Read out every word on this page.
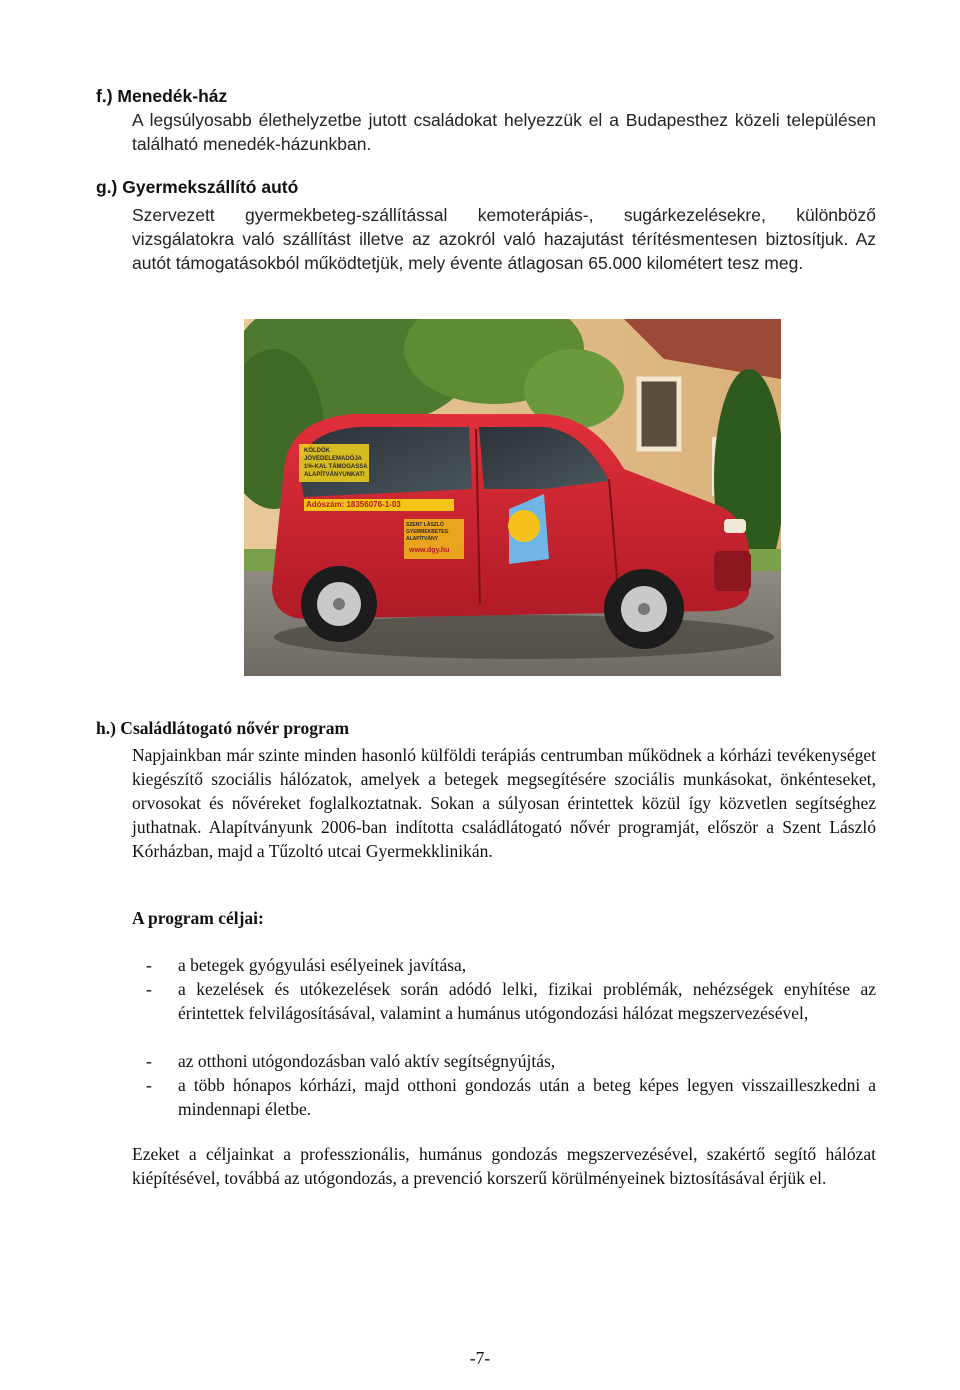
f.) Menedék-ház
A legsúlyosabb élethelyzetbe jutott családokat helyezzük el a Budapesthez közeli településen található menedék-házunkban.
g.) Gyermekszállító autó
Szervezett gyermekbeteg-szállítással kemoterápiás-, sugárkezelésekre, különböző vizsgálatokra való szállítást illetve az azokról való hazajutást térítésmentesen biztosítjuk. Az autót támogatásokból működtetjük, mely évente átlagosan 65.000 kilométert tesz meg.
KÖLDÖK JÖVEDELEMADÓJA 1%-KAL TÁMOGASSA ALAPÍTVÁNYUNKAT!
Adószám: 18356076-1-03
SZENT LÁSZLÓ GYERMEKBETEG ALAPÍTVÁNY
www.dgy.hu
h.) Családlátogató nővér program
Napjainkban már szinte minden hasonló külföldi terápiás centrumban működnek a kórházi tevékenységet kiegészítő szociális hálózatok, amelyek a betegek megsegítésére szociális munkásokat, önkénteseket, orvosokat és nővéreket foglalkoztatnak. Sokan a súlyosan érintettek közül így közvetlen segítséghez juthatnak. Alapítványunk 2006-ban indította családlátogató nővér programját, először a Szent László Kórházban, majd a Tűzoltó utcai Gyermekklinikán.
A program céljai:
-	a betegek gyógyulási esélyeinek javítása,
-	a kezelések és utókezelések során adódó lelki, fizikai problémák, nehézségek enyhítése az érintettek felvilágosításával, valamint a humánus utógondozási hálózat megszervezésével,
-	az otthoni utógondozásban való aktív segítségnyújtás,
-	a több hónapos kórházi, majd otthoni gondozás után a beteg képes legyen visszailleszkedni a mindennapi életbe.
Ezeket a céljainkat a professzionális, humánus gondozás megszervezésével, szakértő segítő hálózat kiépítésével, továbbá az utógondozás, a prevenció korszerű körülményeinek biztosításával érjük el.
-7-
